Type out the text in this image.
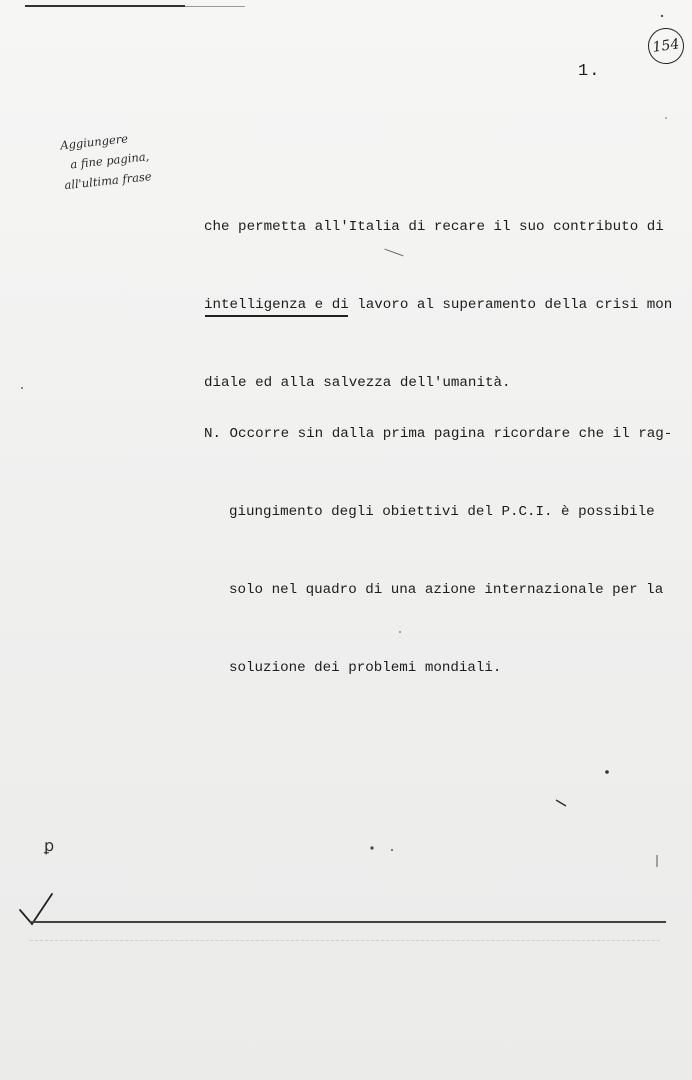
154
1.
Aggiungere
a fine pagina,
all'ultima frase

che permetta all'Italia di recare il suo contributo di

intelligenza e di lavoro al superamento della crisi mon

diale ed alla salvezza dell'umanità.

N. Occorre sin dalla prima pagina ricordare che il rag-

giungimento degli obiettivi del P.C.I. è possibile

solo nel quadro di una azione internazionale per la

soluzione dei problemi mondiali.

ꝑ
